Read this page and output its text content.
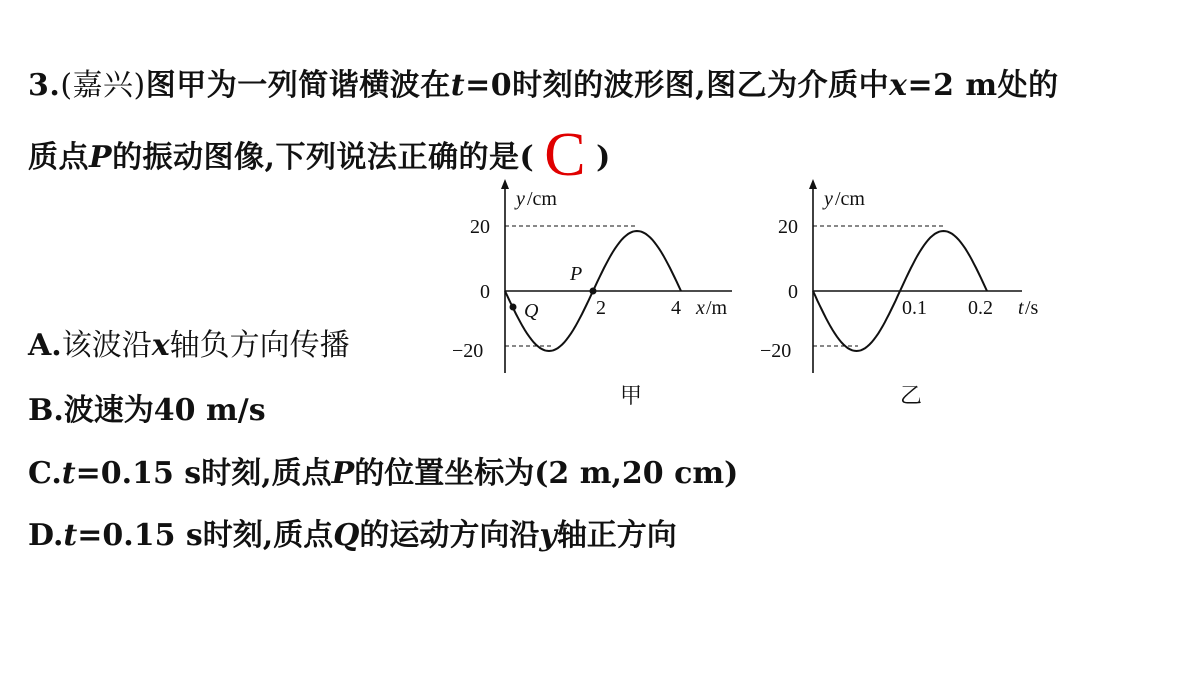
3.(嘉兴)图甲为一列简谐横波在t=0时刻的波形图,图乙为介质中x=2 m处的
质点P的振动图像,下列说法正确的是( C )
y /cm
20
0
−20
2	4 x /m
P
Q
甲
y /cm
20
0
−20
0.1 0.2 t /s
乙
A.该波沿x轴负方向传播
B.波速为40 m/s
C.t=0.15 s时刻,质点P的位置坐标为(2 m,20 cm)
D.t=0.15 s时刻,质点Q的运动方向沿y轴正方向
